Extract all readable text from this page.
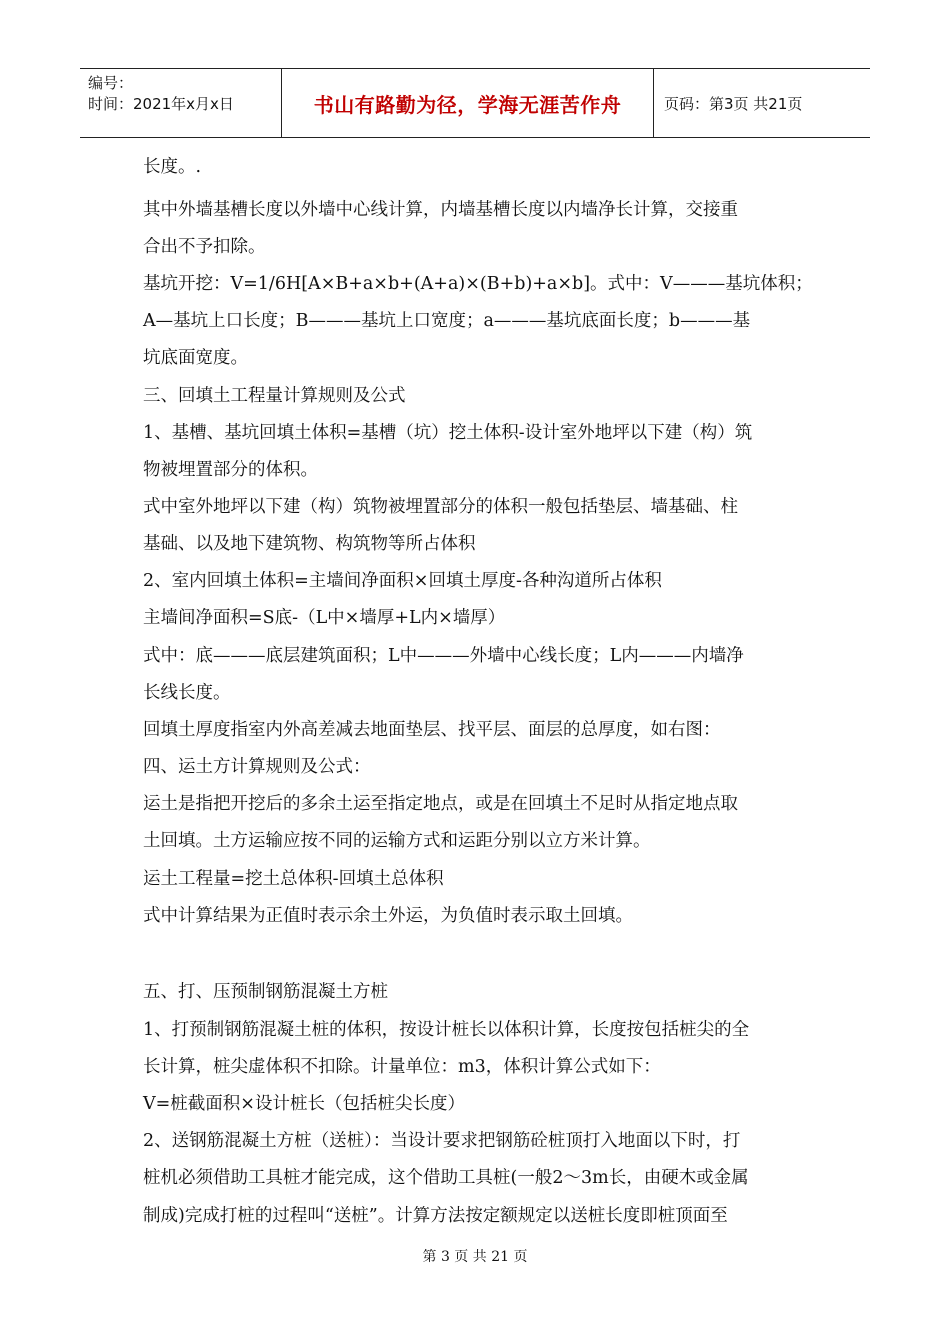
编号：
时间：2021年x月x日	书山有路勤为径，学海无涯苦作舟	页码：第3页 共21页
长度。.
其中外墙基槽长度以外墙中心线计算，内墙基槽长度以内墙净长计算，交接重
合出不予扣除。
基坑开挖：V=1/6H[A×B+a×b+(A+a)×(B+b)+a×b]。式中：V———基坑体积；
A—基坑上口长度；B———基坑上口宽度；a———基坑底面长度；b———基
坑底面宽度。
三、回填土工程量计算规则及公式
1、基槽、基坑回填土体积=基槽（坑）挖土体积-设计室外地坪以下建（构）筑
物被埋置部分的体积。
式中室外地坪以下建（构）筑物被埋置部分的体积一般包括垫层、墙基础、柱
基础、以及地下建筑物、构筑物等所占体积
2、室内回填土体积=主墙间净面积×回填土厚度-各种沟道所占体积
主墙间净面积=S底-（L中×墙厚+L内×墙厚）
式中：底———底层建筑面积；L中———外墙中心线长度；L内———内墙净
长线长度。
回填土厚度指室内外高差减去地面垫层、找平层、面层的总厚度，如右图：
四、运土方计算规则及公式：
运土是指把开挖后的多余土运至指定地点，或是在回填土不足时从指定地点取
土回填。土方运输应按不同的运输方式和运距分别以立方米计算。
运土工程量=挖土总体积-回填土总体积
式中计算结果为正值时表示余土外运，为负值时表示取土回填。
五、打、压预制钢筋混凝土方桩
1、打预制钢筋混凝土桩的体积，按设计桩长以体积计算，长度按包括桩尖的全
长计算，桩尖虚体积不扣除。计量单位：m3，体积计算公式如下：
V=桩截面积×设计桩长（包括桩尖长度）
2、送钢筋混凝土方桩（送桩）：当设计要求把钢筋砼桩顶打入地面以下时，打
桩机必须借助工具桩才能完成，这个借助工具桩(一般2～3m长，由硬木或金属
制成)完成打桩的过程叫“送桩”。计算方法按定额规定以送桩长度即桩顶面至
第 3 页 共 21 页
